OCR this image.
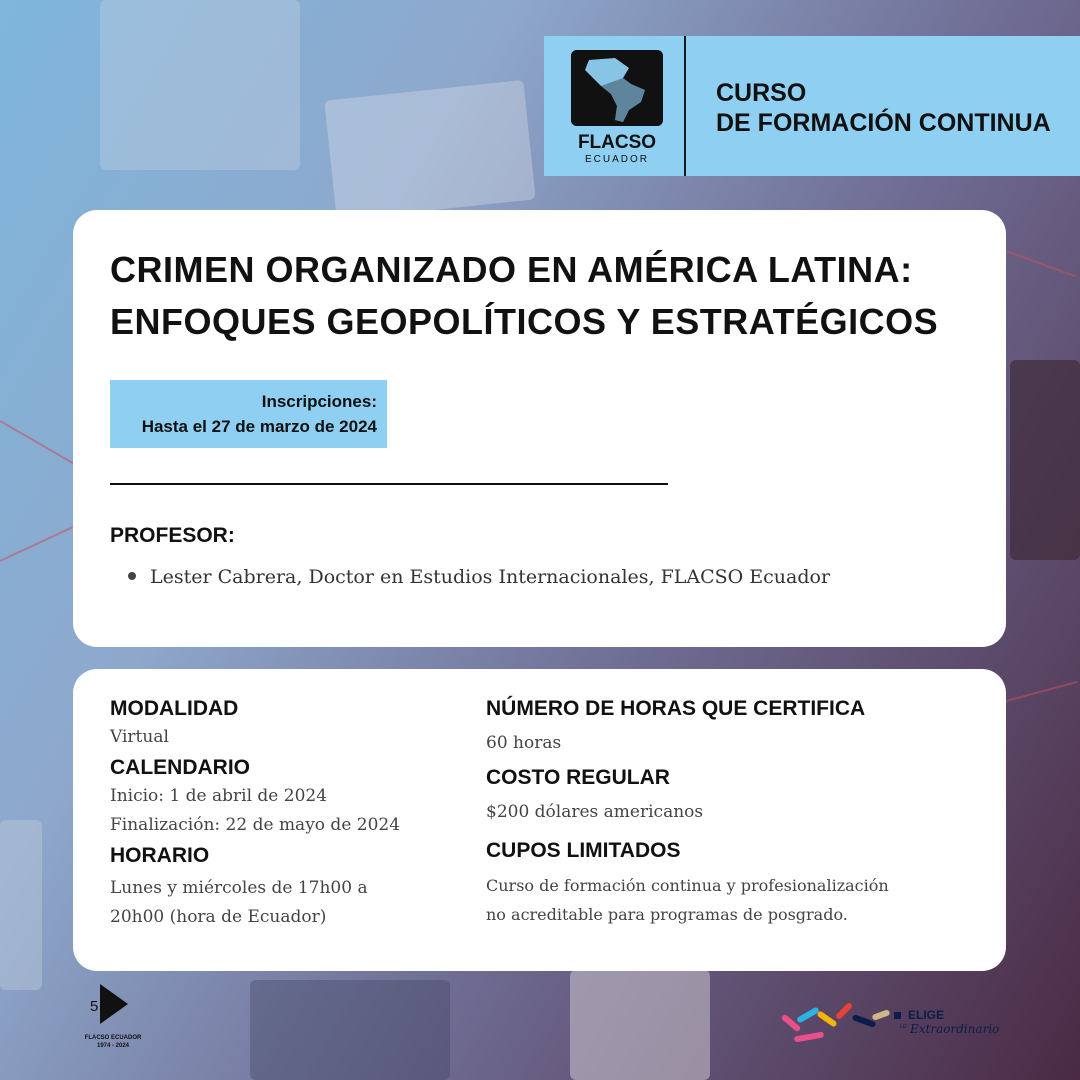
FLACSO
ECUADOR
CURSO
DE FORMACIÓN CONTINUA
CRIMEN ORGANIZADO EN AMÉRICA LATINA:
ENFOQUES GEOPOLÍTICOS Y ESTRATÉGICOS
Inscripciones:
Hasta el 27 de marzo de 2024
PROFESOR:
Lester Cabrera, Doctor en Estudios Internacionales, FLACSO Ecuador
MODALIDAD
Virtual
CALENDARIO
Inicio: 1 de abril de 2024
Finalización: 22 de mayo de 2024
HORARIO
Lunes y miércoles de 17h00 a
20h00 (hora de Ecuador)
NÚMERO DE HORAS QUE CERTIFICA
60 horas
COSTO REGULAR
$200 dólares americanos
CUPOS LIMITADOS
Curso de formación continua y profesionalización
no acreditable para programas de posgrado.
5
FLACSO ECUADOR
1974 - 2024
ELIGE
LO Extraordinario
